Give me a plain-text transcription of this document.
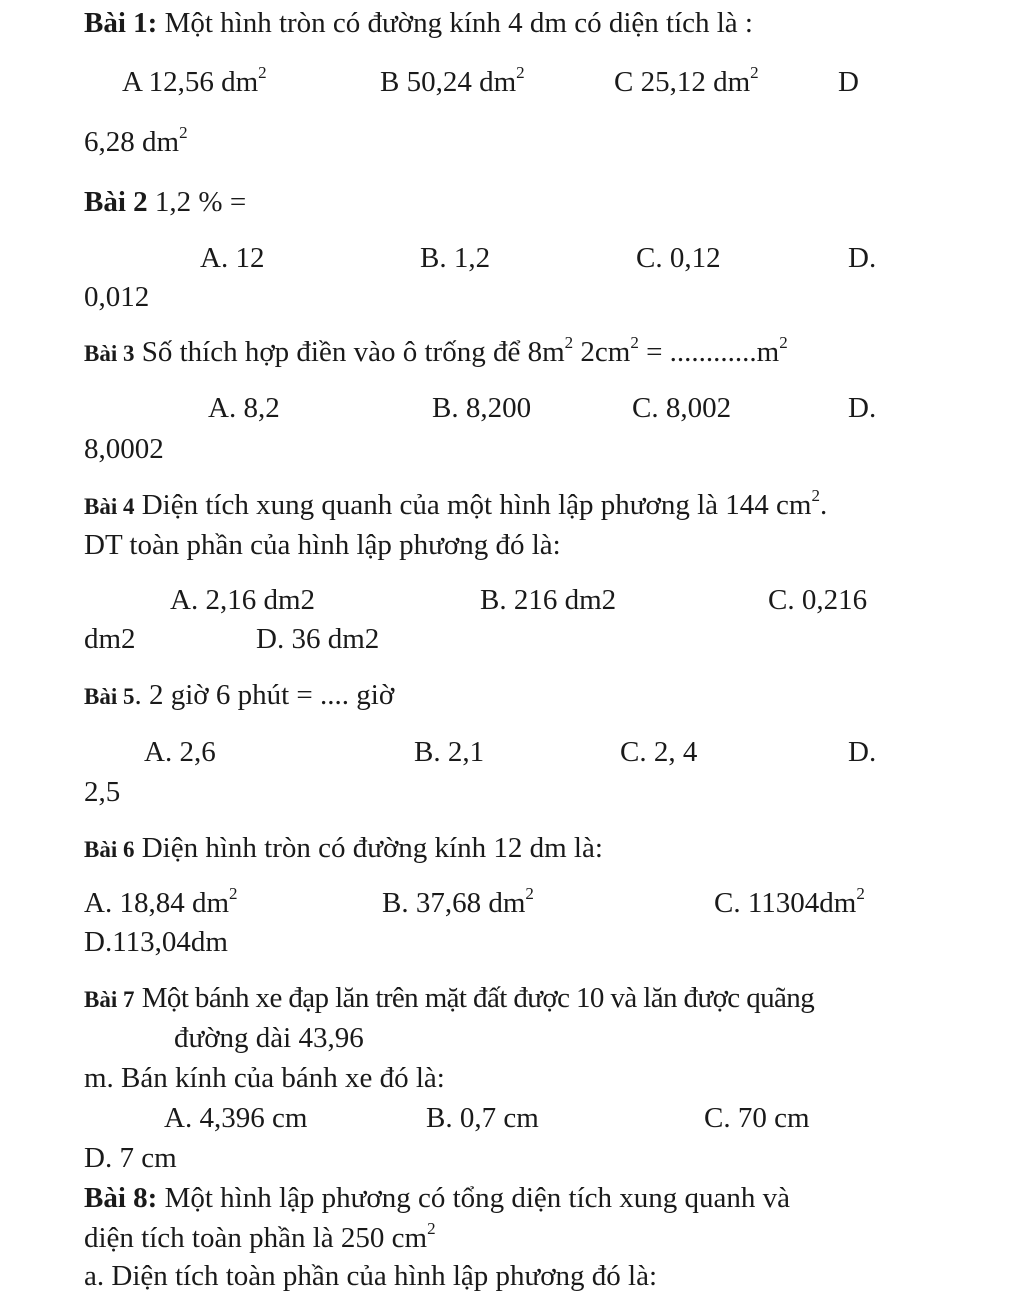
Bài 1: Một hình tròn có đường kính 4 dm có diện tích là :
A 12,56 $dm^2$	B 50,24 $dm^2$	C 25,12 $dm^2$	D
6,28 $dm^2$
Bài 2 1,2 % =
A. 12	B. 1,2	C. 0,12	D.
0,012
Bài 3 Số thích hợp điền vào ô trống để $8m^2$ $2cm^2 = ............m^2$
A. 8,2	B. 8,200	C. 8,002	D.
8,0002
Bài 4 Diện tích xung quanh của một hình lập phương là 144 $cm^2$.
DT toàn phần của hình lập phương đó là:
A. 2,16 dm2	B. 216 dm2	C. 0,216
dm2	D. 36 dm2
Bài 5. 2 giờ 6 phút = .... giờ
A. 2,6	B. 2,1	C. 2, 4	D.
2,5
Bài 6 Diện hình tròn có đường kính 12 dm là:
A. 18,84 $dm^2$	B. 37,68 $dm^2$	C. $11304dm^2$
D.113,04dm
Bài 7 Một bánh xe đạp lăn trên mặt đất được 10 và lăn được quãng
đường dài 43,96
m. Bán kính của bánh xe đó là:
A. 4,396 cm	B. 0,7 cm	C. 70 cm
D. 7 cm
Bài 8: Một hình lập phương có tổng diện tích xung quanh và
diện tích toàn phần là 250 $cm^2$
a. Diện tích toàn phần của hình lập phương đó là:
